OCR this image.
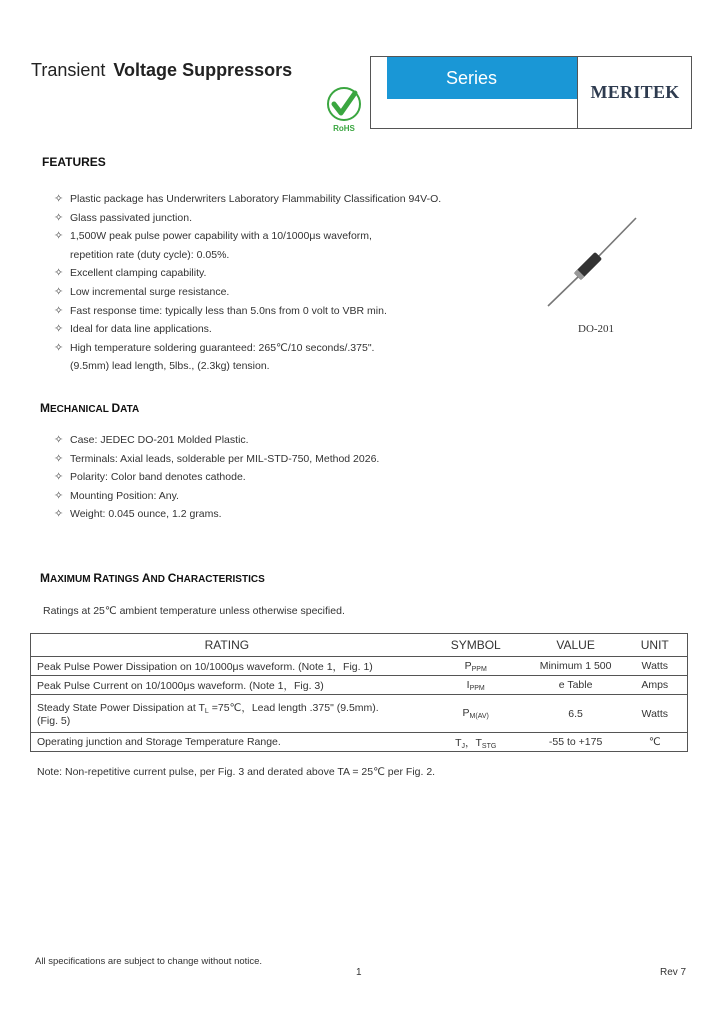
Transient Voltage Suppressors	Series
MERITEK
RoHS
FEATURES
✧ Plastic package has Underwriters Laboratory Flammability Classification 94V-O.
✧ Glass passivated junction.
✧ 1,500W peak pulse power capability with a 10/1000μs waveform,
repetition rate (duty cycle): 0.05%.
✧ Excellent clamping capability.
✧ Low incremental surge resistance.
✧ Fast response time: typically less than 5.0ns from 0 volt to VBR min.
✧ Ideal for data line applications.
✧ High temperature soldering guaranteed: 265℃/10 seconds/.375".
(9.5mm) lead length, 5lbs., (2.3kg) tension.
DO-201
MECHANICAL DATA
✧ Case: JEDEC DO-201 Molded Plastic.
✧ Terminals: Axial leads, solderable per MIL-STD-750, Method 2026.
✧ Polarity: Color band denotes cathode.
✧ Mounting Position: Any.
✧ Weight: 0.045 ounce, 1.2 grams.
MAXIMUM RATINGS AND CHARACTERISTICS
Ratings at 25℃ ambient temperature unless otherwise specified.
RATING	SYMBOL	VALUE	UNIT
Peak Pulse Power Dissipation on 10/1000μs waveform. (Note 1，Fig. 1)	$P_{PPM}$	Minimum 1 500	Watts
Peak Pulse Current on 10/1000μs waveform. (Note 1，Fig. 3)	$I_{PPM}$	e Table	Amps
Steady State Power Dissipation at $T_L$ =75℃，Lead length .375" (9.5mm).
(Fig. 5)	$P_{M(AV)}$	6.5	Watts
Operating junction and Storage Temperature Range.	$T_J$，$T_{STG}$	-55 to +175	℃
Note: Non-repetitive current pulse, per Fig. 3 and derated above TA = 25℃ per Fig. 2.
All specifications are subject to change without notice.
1	Rev 7
